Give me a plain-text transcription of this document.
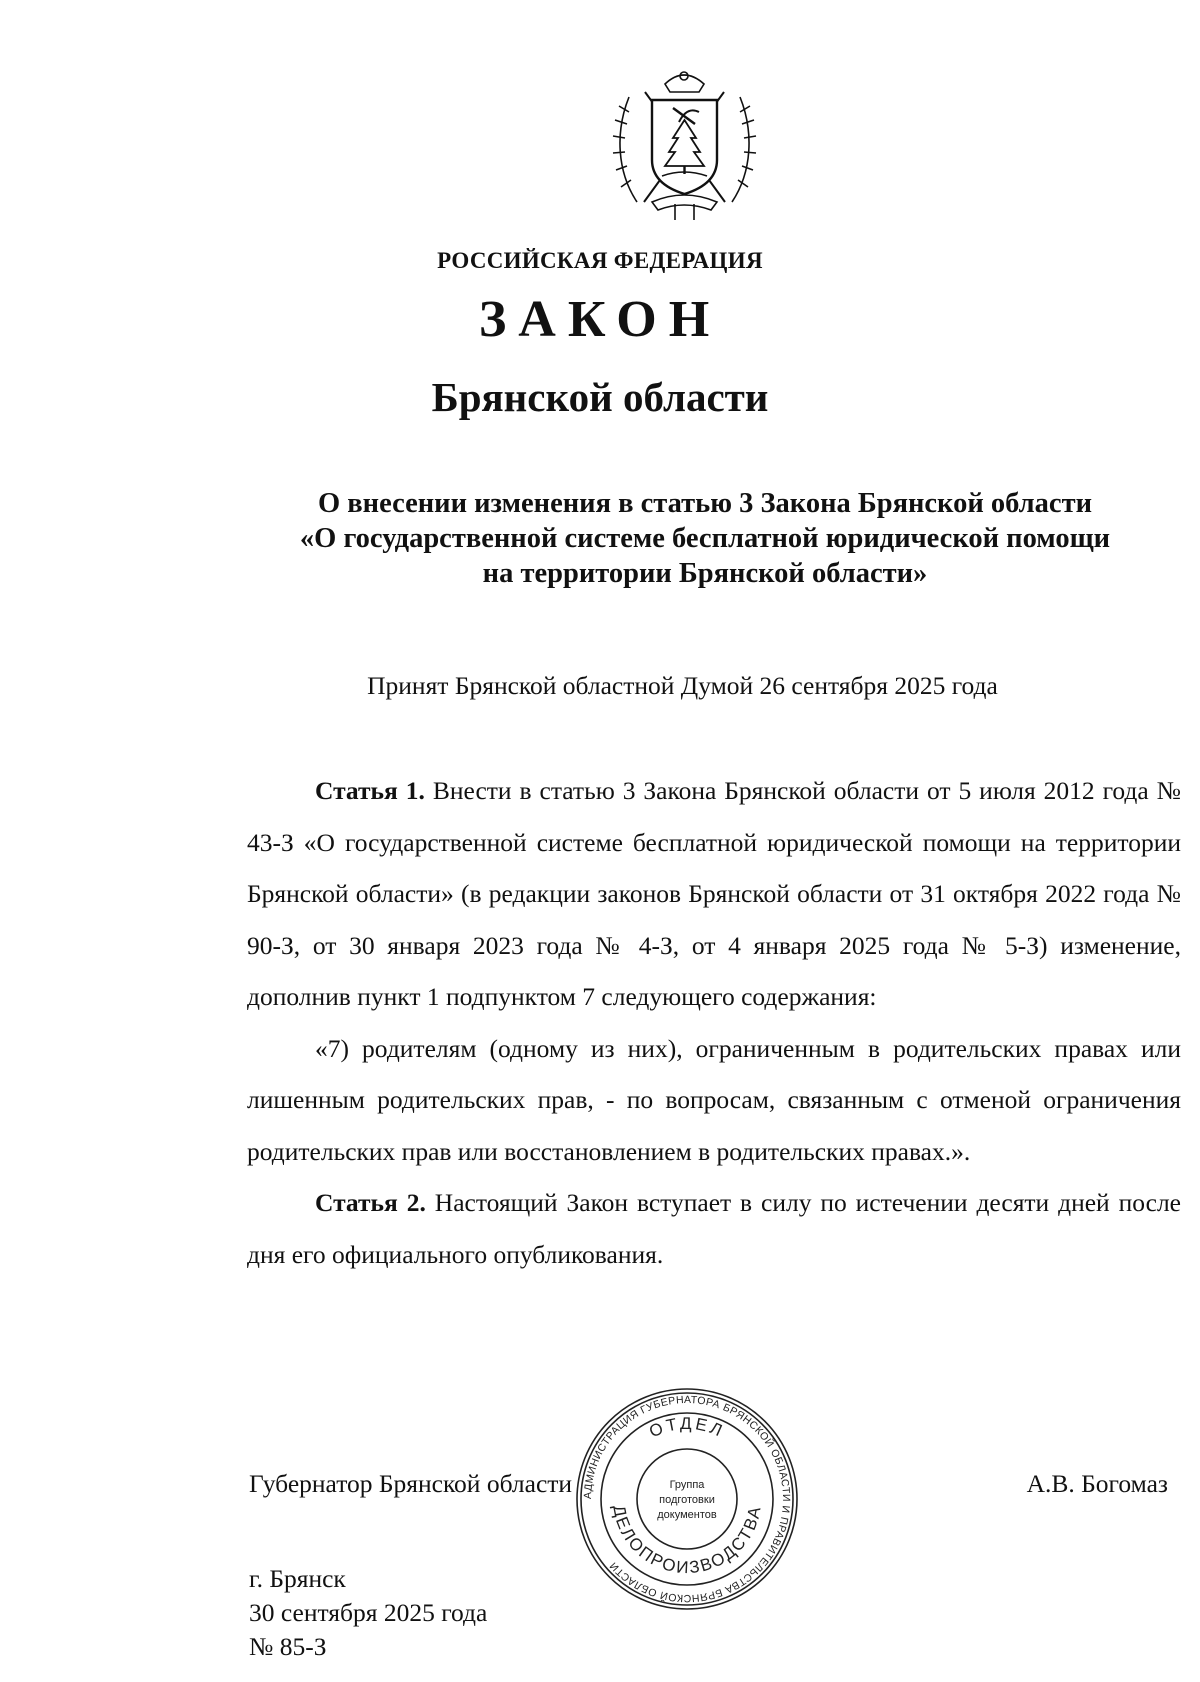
РОССИЙСКАЯ ФЕДЕРАЦИЯ
ЗАКОН
Брянской области
О внесении изменения в статью 3 Закона Брянской области
«О государственной системе бесплатной юридической помощи
на территории Брянской области»
Принят Брянской областной Думой 26 сентября 2025 года

Статья 1. Внести в статью 3 Закона Брянской области от 5 июля 2012 года № 43-З «О государственной системе бесплатной юридической помощи на территории Брянской области» (в редакции законов Брянской области от 31 октября 2022 года № 90-З, от 30 января 2023 года № 4-З, от 4 января 2025 года № 5-З) изменение, дополнив пункт 1 подпунктом 7 следующего содержания:

«7) родителям (одному из них), ограниченным в родительских правах или лишенным родительских прав, - по вопросам, связанным с отменой ограничения родительских прав или восстановлением в родительских правах.».

Статья 2. Настоящий Закон вступает в силу по истечении десяти дней после дня его официального опубликования.

Губернатор Брянской области	А.В. Богомаз
г. Брянск
30 сентября 2025 года
№ 85-З
АДМИНИСТРАЦИЯ ГУБЕРНАТОРА БРЯНСКОЙ ОБЛАСТИ И ПРАВИТЕЛЬСТВА БРЯНСКОЙ ОБЛАСТИ
ОТДЕЛ
ДЕЛОПРОИЗВОДСТВА
Группа
подготовки
документов
